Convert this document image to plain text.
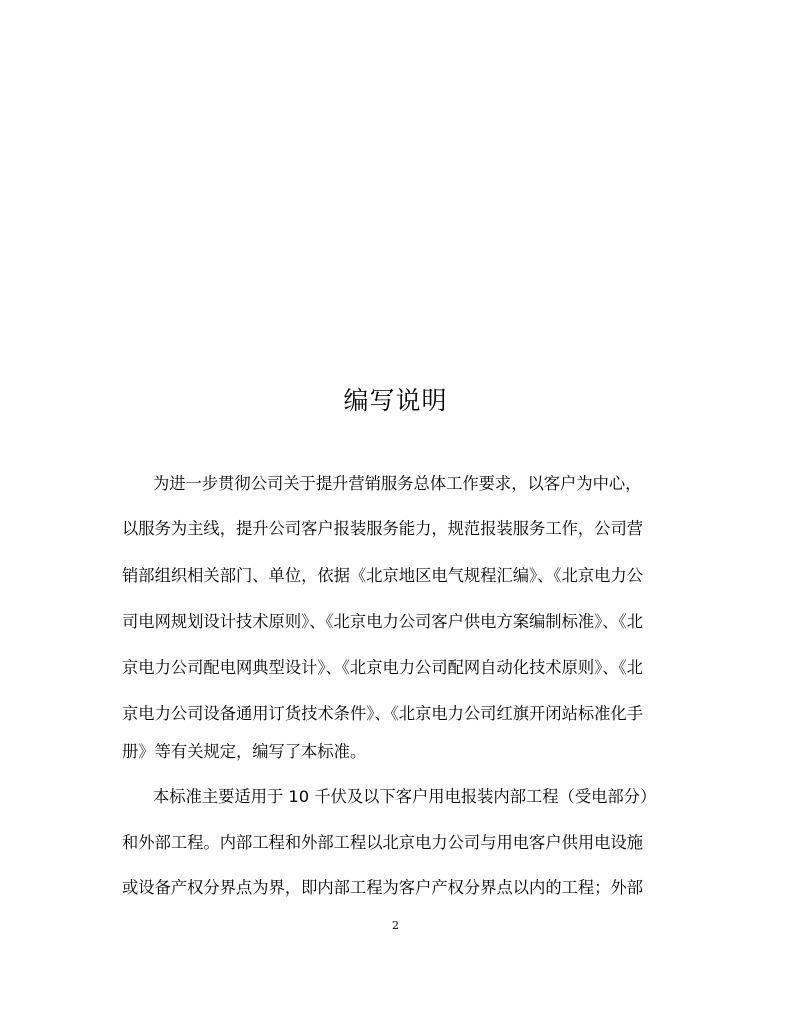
编写说明
为进一步贯彻公司关于提升营销服务总体工作要求，以客户为中心，
以服务为主线，提升公司客户报装服务能力，规范报装服务工作，公司营
销部组织相关部门、单位，依据《北京地区电气规程汇编》、《北京电力公
司电网规划设计技术原则》、《北京电力公司客户供电方案编制标准》、《北
京电力公司配电网典型设计》、《北京电力公司配网自动化技术原则》、《北
京电力公司设备通用订货技术条件》、《北京电力公司红旗开闭站标准化手
册》等有关规定，编写了本标准。
本标准主要适用于 10 千伏及以下客户用电报装内部工程（受电部分）
和外部工程。内部工程和外部工程以北京电力公司与用电客户供用电设施
或设备产权分界点为界，即内部工程为客户产权分界点以内的工程；外部
2
